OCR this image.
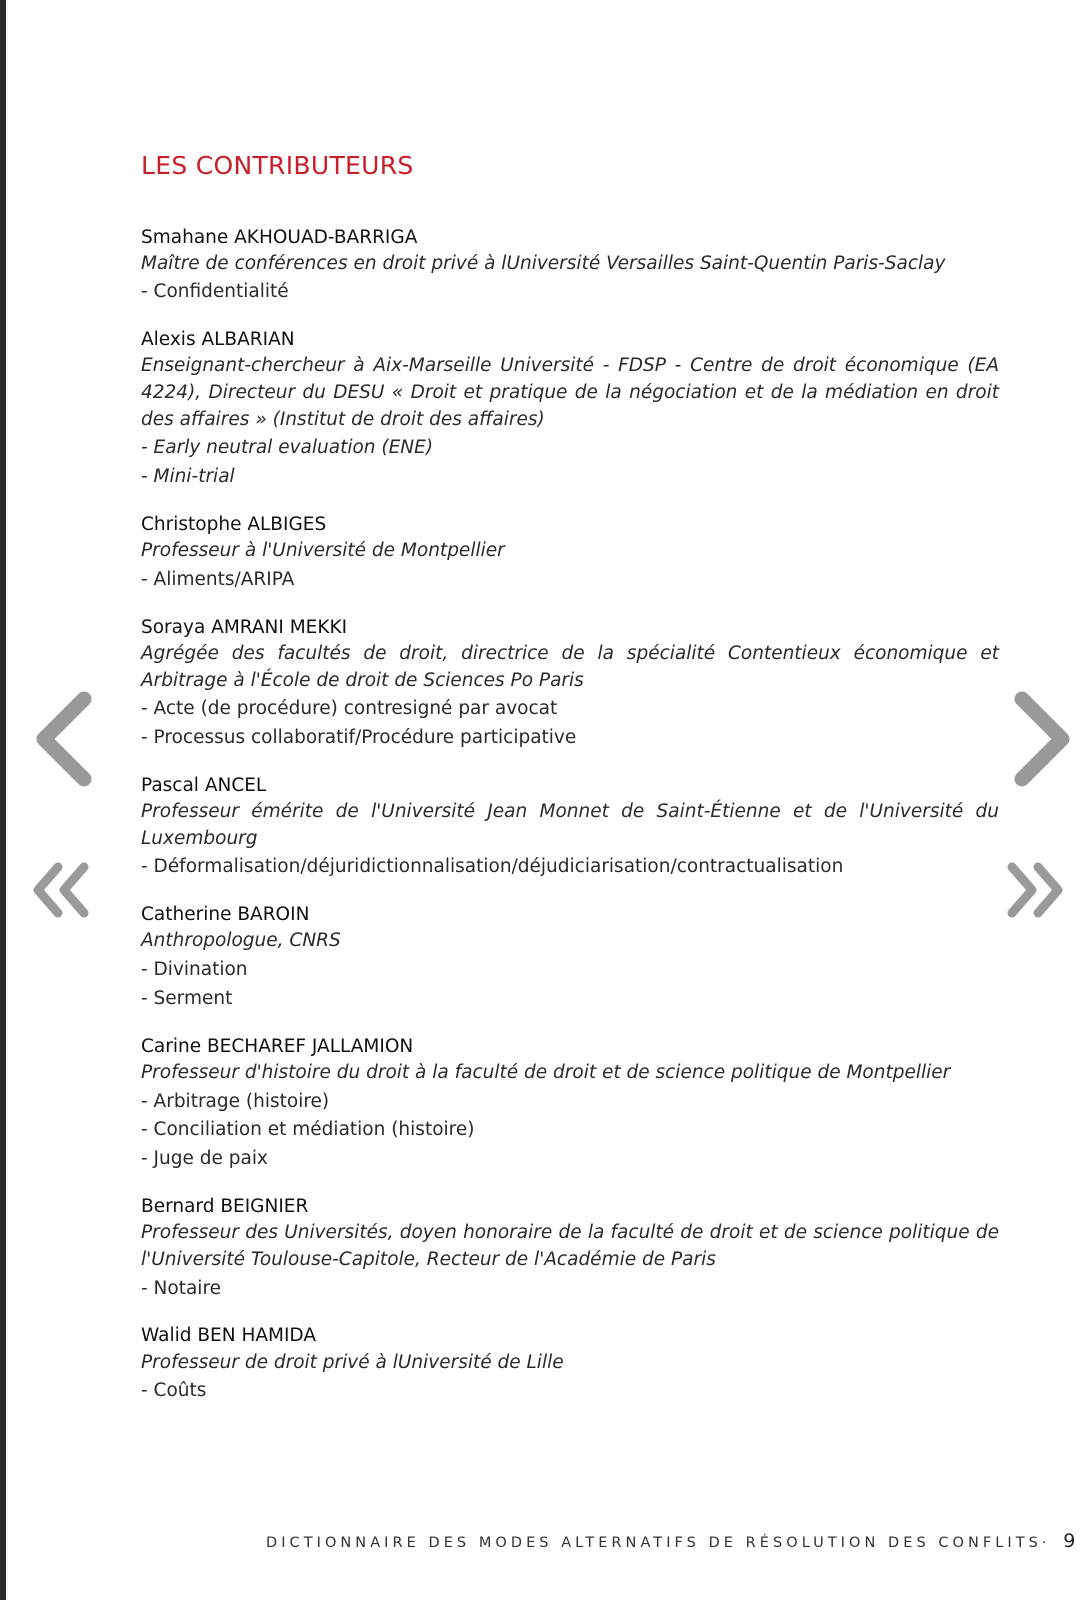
LES CONTRIBUTEURS
Smahane AKHOUAD-BARRIGA
Maître de conférences en droit privé à lUniversité Versailles Saint-Quentin Paris-Saclay
- Confidentialité
Alexis ALBARIAN
Enseignant-chercheur à Aix-Marseille Université - FDSP - Centre de droit économique (EA 4224), Directeur du DESU « Droit et pratique de la négociation et de la médiation en droit des affaires » (Institut de droit des affaires)
- Early neutral evaluation (ENE)
- Mini-trial
Christophe ALBIGES
Professeur à l'Université de Montpellier
- Aliments/ARIPA
Soraya AMRANI MEKKI
Agrégée des facultés de droit, directrice de la spécialité Contentieux économique et Arbitrage à l'École de droit de Sciences Po Paris
- Acte (de procédure) contresigné par avocat
- Processus collaboratif/Procédure participative
Pascal ANCEL
Professeur émérite de l'Université Jean Monnet de Saint-Étienne et de l'Université du Luxembourg
- Déformalisation/déjuridictionnalisation/déjudiciarisation/contractualisation
Catherine BAROIN
Anthropologue, CNRS
- Divination
- Serment
Carine BECHAREF JALLAMION
Professeur d'histoire du droit à la faculté de droit et de science politique de Montpellier
- Arbitrage (histoire)
- Conciliation et médiation (histoire)
- Juge de paix
Bernard BEIGNIER
Professeur des Universités, doyen honoraire de la faculté de droit et de science politique de l'Université Toulouse-Capitole, Recteur de l'Académie de Paris
- Notaire
Walid BEN HAMIDA
Professeur de droit privé à lUniversité de Lille
- Coûts
DICTIONNAIRE DES MODES ALTERNATIFS DE RÉSOLUTION DES CONFLITS· 9
